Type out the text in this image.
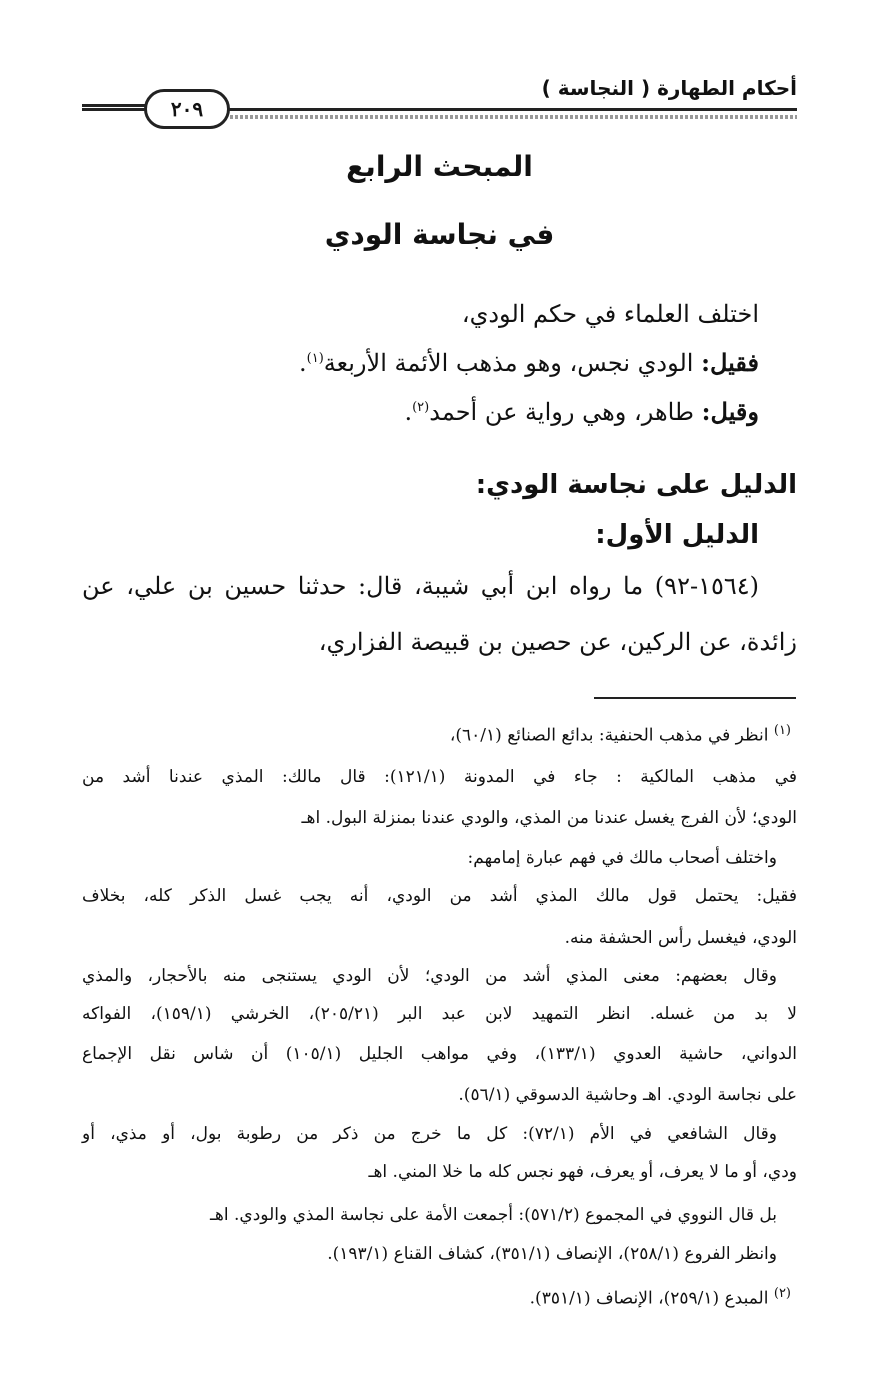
أحكام الطهارة ( النجاسة )
٢٠٩
المبحث الرابع
في نجاسة الودي
اختلف العلماء في حكم الودي،
فقيل: الودي نجس، وهو مذهب الأئمة الأربعة$^{(١)}$.
وقيل: طاهر، وهي رواية عن أحمد$^{(٢)}$.
الدليل على نجاسة الودي:
الدليل الأول:
(١٥٦٤-٩٢) ما رواه ابن أبي شيبة، قال: حدثنا حسين بن علي، عن
زائدة، عن الركين، عن حصين بن قبيصة الفزاري،
$^{(١)}$ انظر في مذهب الحنفية: بدائع الصنائع (٦٠/١)،
في مذهب المالكية : جاء في المدونة (١٢١/١): قال مالك: المذي عندنا أشد من
الودي؛ لأن الفرج يغسل عندنا من المذي، والودي عندنا بمنزلة البول. اهـ
واختلف أصحاب مالك في فهم عبارة إمامهم:
فقيل: يحتمل قول مالك المذي أشد من الودي، أنه يجب غسل الذكر كله، بخلاف
الودي، فيغسل رأس الحشفة منه.
وقال بعضهم: معنى المذي أشد من الودي؛ لأن الودي يستنجى منه بالأحجار، والمذي
لا بد من غسله. انظر التمهيد لابن عبد البر (٢٠٥/٢١)، الخرشي (١٥٩/١)، الفواكه
الدواني، حاشية العدوي (١٣٣/١)، وفي مواهب الجليل (١٠٥/١) أن شاس نقل الإجماع
على نجاسة الودي. اهـ وحاشية الدسوقي (٥٦/١).
وقال الشافعي في الأم (٧٢/١): كل ما خرج من ذكر من رطوبة بول، أو مذي، أو
ودي، أو ما لا يعرف، أو يعرف، فهو نجس كله ما خلا المني. اهـ
بل قال النووي في المجموع (٥٧١/٢): أجمعت الأمة على نجاسة المذي والودي. اهـ
وانظر الفروع (٢٥٨/١)، الإنصاف (٣٥١/١)، كشاف القناع (١٩٣/١).
$^{(٢)}$ المبدع (٢٥٩/١)، الإنصاف (٣٥١/١).
